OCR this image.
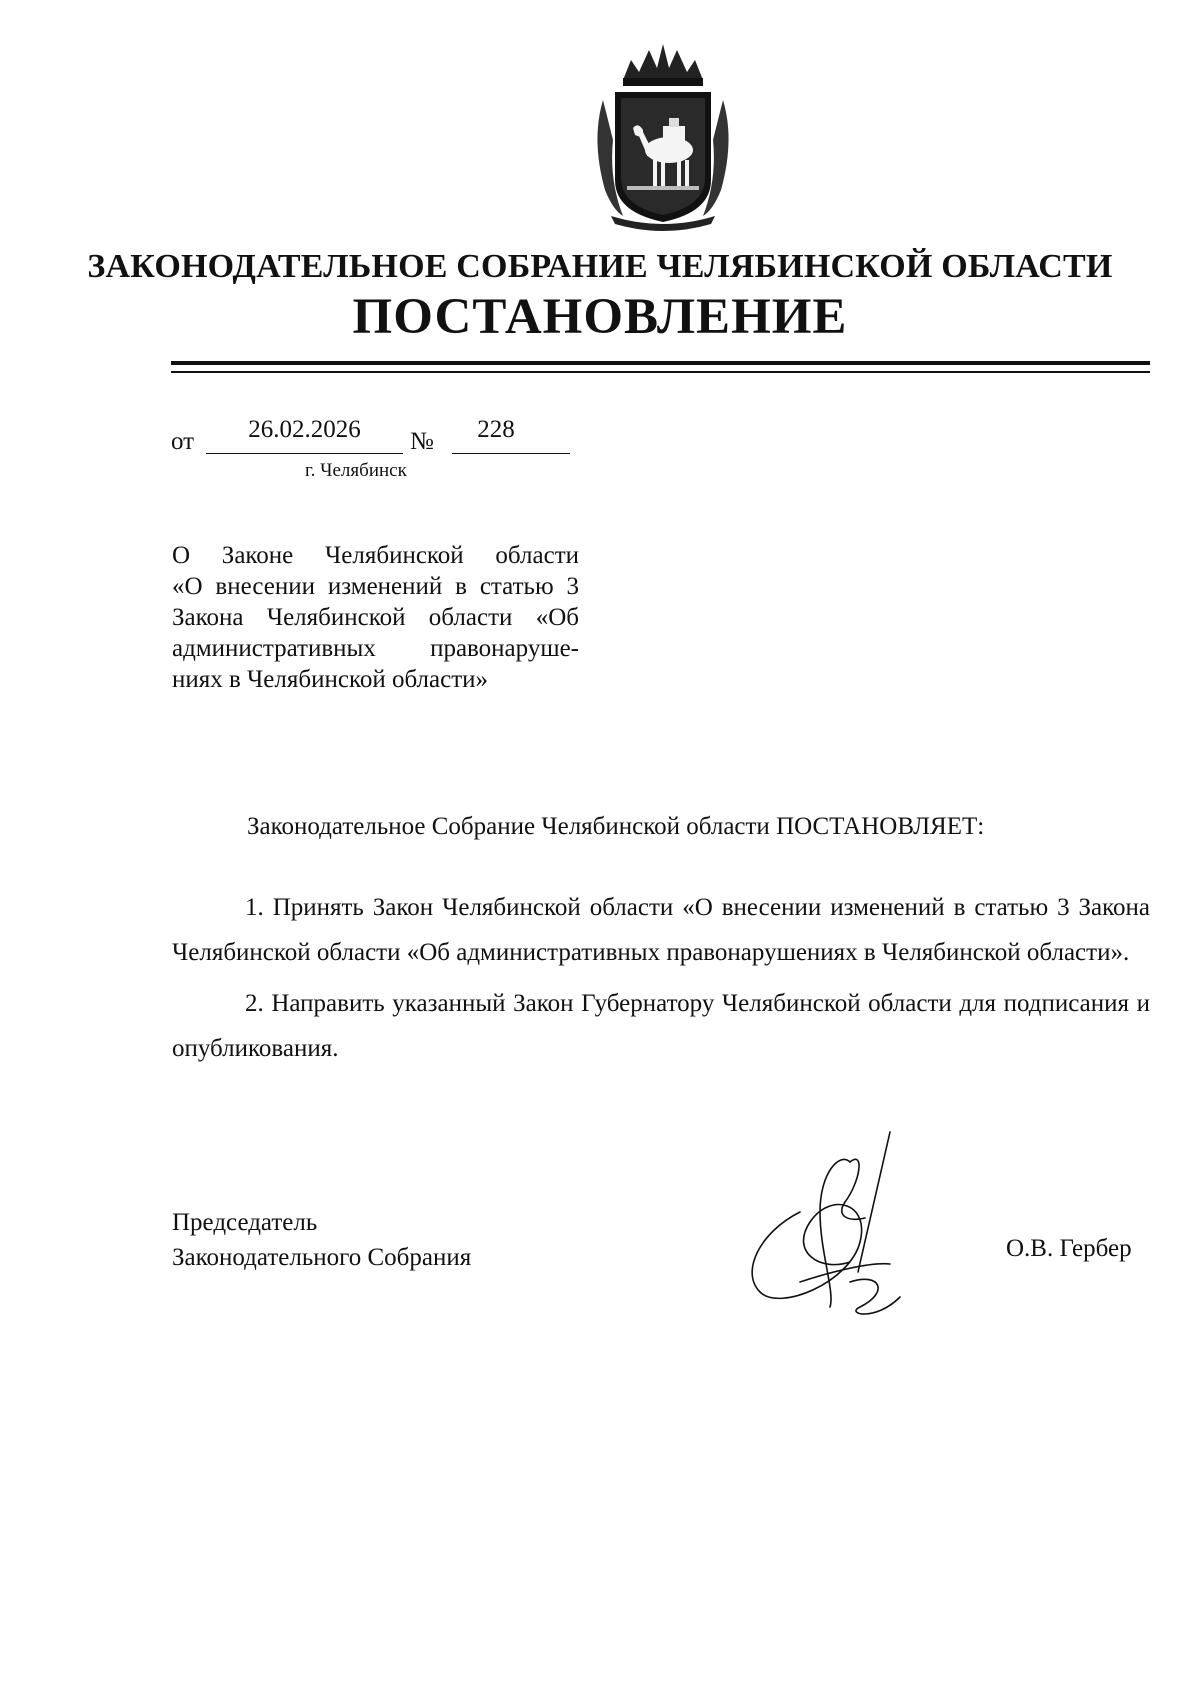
ЗАКОНОДАТЕЛЬНОЕ СОБРАНИЕ ЧЕЛЯБИНСКОЙ ОБЛАСТИ
ПОСТАНОВЛЕНИЕ
от	26.02.2026	№	228
г. Челябинск
О Законе Челябинской области
«О внесении изменений в статью 3
Закона Челябинской области «Об
административных правонаруше-
ниях в Челябинской области»
Законодательное Собрание Челябинской области ПОСТАНОВЛЯЕТ:

1. Принять Закон Челябинской области «О внесении изменений в статью 3 Закона Челябинской области «Об административных правонарушениях в Челябинской области».

2. Направить указанный Закон Губернатору Челябинской области для подписания и опубликования.

Председатель
Законодательного Собрания	О.В. Гербер
